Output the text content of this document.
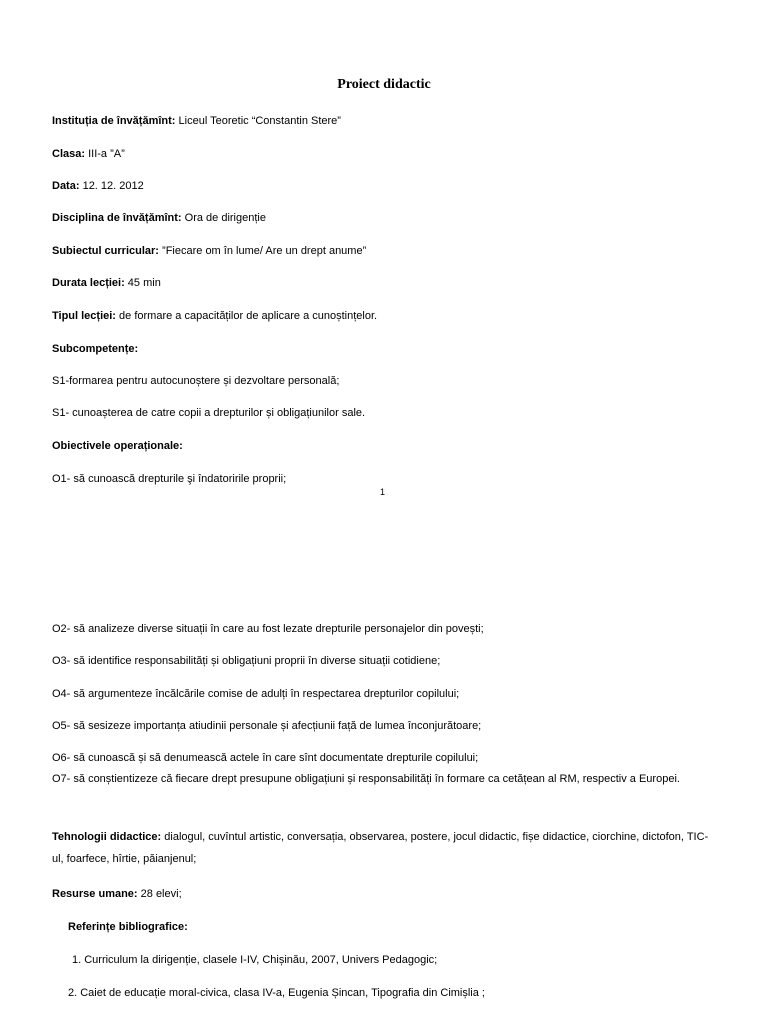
Proiect didactic
Instituția de învățămînt: Liceul Teoretic “Constantin Stere”
Clasa: III-a ”A”
Data: 12. 12. 2012
Disciplina de învățămînt: Ora de dirigenție
Subiectul curricular: ”Fiecare om în lume/ Are un drept anume”
Durata lecției: 45 min
Tipul lecției: de formare a capacităților de aplicare a cunoștințelor.
Subcompetențe:
S1-formarea pentru autocunoștere și dezvoltare personală;
S1- cunoașterea de catre copii a drepturilor și obligațiunilor sale.
Obiectivele operaționale:
O1- să cunoască drepturile şi îndatoririle proprii;
1
O2- să analizeze diverse situații în care au fost lezate drepturile personajelor din povești;
O3- să identifice responsabilități și obligațiuni proprii în diverse situații cotidiene;
O4- să argumenteze încălcările comise de adulți în respectarea drepturilor copilului;
O5- să sesizeze importanța atiudinii personale și afecțiunii față de lumea înconjurătoare;
O6- să cunoască și să denumească actele în care sînt documentate drepturile copilului;
O7- să conștientizeze că fiecare drept presupune obligațiuni și responsabilități în formare ca cetățean al RM, respectiv a Europei.
Tehnologii didactice: dialogul, cuvîntul artistic, conversația, observarea, postere, jocul didactic, fișe didactice, ciorchine, dictofon, TIC-ul, foarfece, hîrtie, păianjenul;
Resurse umane: 28 elevi;
Referințe bibliografice:
1. Curriculum la dirigenție, clasele I-IV, Chișinău, 2007, Univers Pedagogic;
2. Caiet de educație moral-civica, clasa IV-a, Eugenia Șincan, Tipografia din Cimișlia ;
